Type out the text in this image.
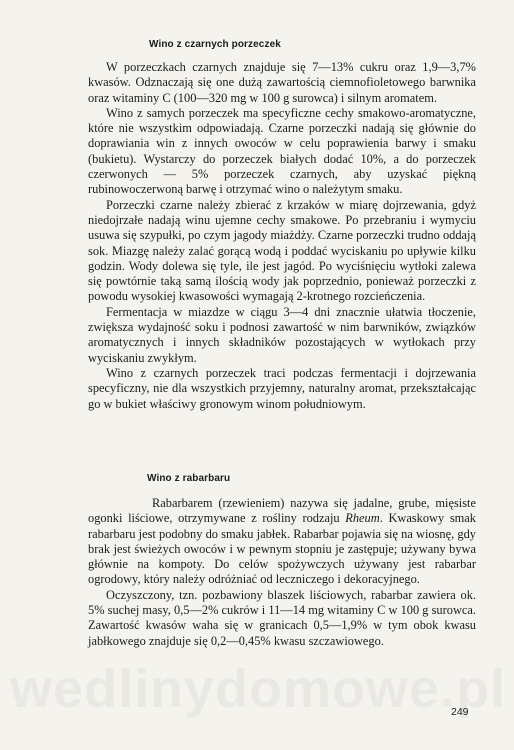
Wino z czarnych porzeczek

W porzeczkach czarnych znajduje się 7—13% cukru oraz 1,9—3,7% kwasów. Odznaczają się one dużą zawartością ciemnofioletowego barwnika oraz witaminy C (100—320 mg w 100 g surowca) i silnym aromatem.

Wino z samych porzeczek ma specyficzne cechy smakowo-aromatyczne, które nie wszystkim odpowiadają. Czarne porzeczki nadają się głównie do doprawiania win z innych owoców w celu poprawienia barwy i smaku (bukietu). Wystarczy do porzeczek białych dodać 10%, a do porzeczek czerwonych — 5% porzeczek czarnych, aby uzyskać piękną rubinowoczerwoną barwę i otrzymać wino o należytym smaku.

Porzeczki czarne należy zbierać z krzaków w miarę dojrzewania, gdyż niedojrzałe nadają winu ujemne cechy smakowe. Po przebraniu i wymyciu usuwa się szypułki, po czym jagody miażdży. Czarne porzeczki trudno oddają sok. Miazgę należy zalać gorącą wodą i poddać wyciskaniu po upływie kilku godzin. Wody dolewa się tyle, ile jest jagód. Po wyciśnięciu wytłoki zalewa się powtórnie taką samą ilością wody jak poprzednio, ponieważ porzeczki z powodu wysokiej kwasowości wymagają 2-krotnego rozcieńczenia.

Fermentacja w miazdze w ciągu 3—4 dni znacznie ułatwia tłoczenie, zwiększa wydajność soku i podnosi zawartość w nim barwników, związków aromatycznych i innych składników pozostających w wytłokach przy wyciskaniu zwykłym.

Wino z czarnych porzeczek traci podczas fermentacji i dojrzewania specyficzny, nie dla wszystkich przyjemny, naturalny aromat, przekształcając go w bukiet właściwy gronowym winom południowym.

Wino z rabarbaru

Rabarbarem (rzewieniem) nazywa się jadalne, grube, mięsiste ogonki liściowe, otrzymywane z rośliny rodzaju Rheum. Kwaskowy smak rabarbaru jest podobny do smaku jabłek. Rabarbar pojawia się na wiosnę, gdy brak jest świeżych owoców i w pewnym stopniu je zastępuje; używany bywa głównie na kompoty. Do celów spożywczych używany jest rabarbar ogrodowy, który należy odróżniać od leczniczego i dekoracyjnego.

Oczyszczony, tzn. pozbawiony blaszek liściowych, rabarbar zawiera ok. 5% suchej masy, 0,5—2% cukrów i 11—14 mg witaminy C w 100 g surowca. Zawartość kwasów waha się w granicach 0,5—1,9% w tym obok kwasu jabłkowego znajduje się 0,2—0,45% kwasu szczawiowego.

249
